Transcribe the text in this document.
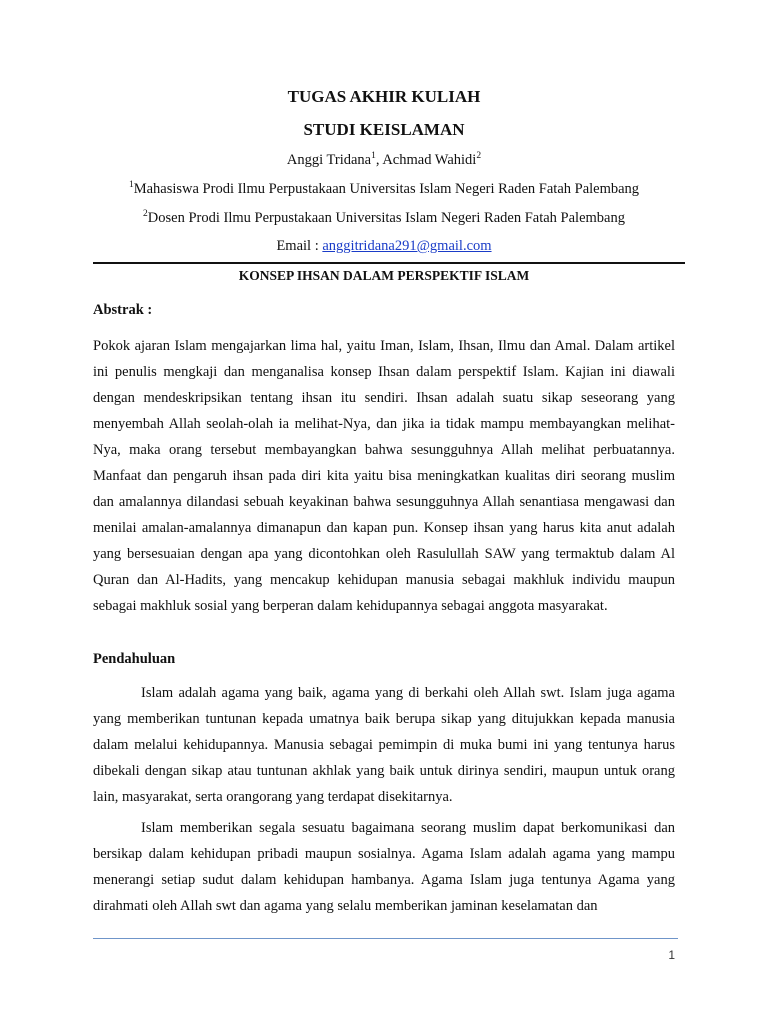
TUGAS AKHIR KULIAH
STUDI KEISLAMAN
Anggi Tridana$^1$, Achmad Wahidi$^2$
$^1$Mahasiswa Prodi Ilmu Perpustakaan Universitas Islam Negeri Raden Fatah Palembang
$^2$Dosen Prodi Ilmu Perpustakaan Universitas Islam Negeri Raden Fatah Palembang
Email : anggitridana291@gmail.com
KONSEP IHSAN DALAM PERSPEKTIF ISLAM
Abstrak :

Pokok ajaran Islam mengajarkan lima hal, yaitu Iman, Islam, Ihsan, Ilmu dan Amal. Dalam artikel ini penulis mengkaji dan menganalisa konsep Ihsan dalam perspektif Islam. Kajian ini diawali dengan mendeskripsikan tentang ihsan itu sendiri. Ihsan adalah suatu sikap seseorang yang menyembah Allah seolah-olah ia melihat-Nya, dan jika ia tidak mampu membayangkan melihat-Nya, maka orang tersebut membayangkan bahwa sesungguhnya Allah melihat perbuatannya. Manfaat dan pengaruh ihsan pada diri kita yaitu bisa meningkatkan kualitas diri seorang muslim dan amalannya dilandasi sebuah keyakinan bahwa sesungguhnya Allah senantiasa mengawasi dan menilai amalan-amalannya dimanapun dan kapan pun. Konsep ihsan yang harus kita anut adalah yang bersesuaian dengan apa yang dicontohkan oleh Rasulullah SAW yang termaktub dalam Al Quran dan Al-Hadits, yang mencakup kehidupan manusia sebagai makhluk individu maupun sebagai makhluk sosial yang berperan dalam kehidupannya sebagai anggota masyarakat.

Pendahuluan

Islam adalah agama yang baik, agama yang di berkahi oleh Allah swt. Islam juga agama yang memberikan tuntunan kepada umatnya baik berupa sikap yang ditujukkan kepada manusia dalam melalui kehidupannya. Manusia sebagai pemimpin di muka bumi ini yang tentunya harus dibekali dengan sikap atau tuntunan akhlak yang baik untuk dirinya sendiri, maupun untuk orang lain, masyarakat, serta orangorang yang terdapat disekitarnya.

Islam memberikan segala sesuatu bagaimana seorang muslim dapat berkomunikasi dan bersikap dalam kehidupan pribadi maupun sosialnya. Agama Islam adalah agama yang mampu menerangi setiap sudut dalam kehidupan hambanya. Agama Islam juga tentunya Agama yang dirahmati oleh Allah swt dan agama yang selalu memberikan jaminan keselamatan dan

1
